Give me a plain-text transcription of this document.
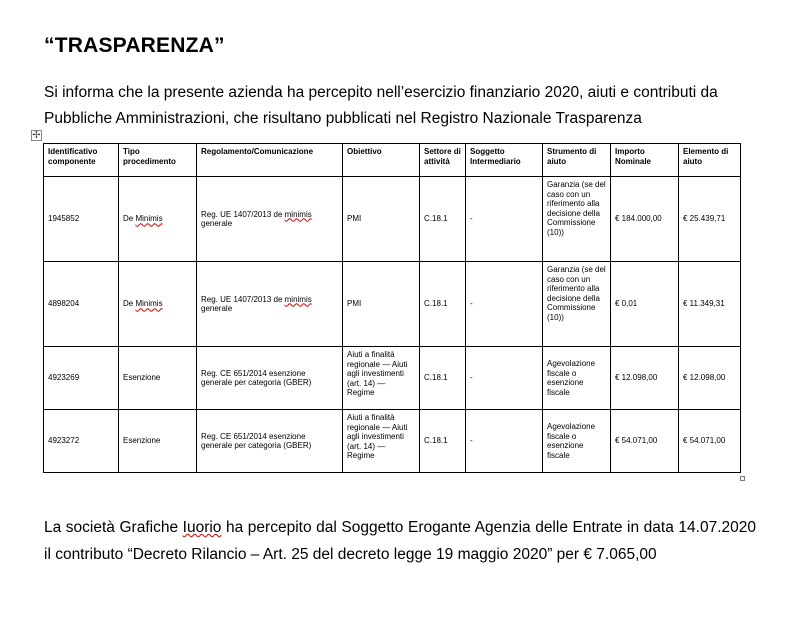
“TRASPARENZA”
Si informa che la presente azienda ha percepito nell’esercizio finanziario 2020, aiuti e contributi da Pubbliche Amministrazioni, che risultano pubblicati nel Registro Nazionale Trasparenza
✢
Identificativo componente	Tipo procedimento	Regolamento/Comunicazione	Obiettivo	Settore di attività	Soggetto Intermediario	Strumento di aiuto	Importo Nominale	Elemento di aiuto
1945852	De Minimis	Reg. UE 1407/2013 de minimis generale	PMI	C.18.1	-	Garanzia (se del caso con un riferimento alla decisione della Commissione (10))	€ 184.000,00	€ 25.439,71
4898204	De Minimis	Reg. UE 1407/2013 de minimis generale	PMI	C.18.1	-	Garanzia (se del caso con un riferimento alla decisione della Commissione (10))	€ 0,01	€ 11.349,31
4923269	Esenzione	Reg. CE 651/2014 esenzione generale per categoria (GBER)	Aiuti a finalità regionale — Aiuti agli investimenti (art. 14) — Regime	C.18.1	-	Agevolazione fiscale o esenzione fiscale	€ 12.098,00	€ 12.098,00
4923272	Esenzione	Reg. CE 651/2014 esenzione generale per categoria (GBER)	Aiuti a finalità regionale — Aiuti agli investimenti (art. 14) — Regime	C.18.1	-	Agevolazione fiscale o esenzione fiscale	€ 54.071,00	€ 54.071,00
La società Grafiche Iuorio ha percepito dal Soggetto Erogante Agenzia delle Entrate in data 14.07.2020 il contributo “Decreto Rilancio – Art. 25 del decreto legge 19 maggio 2020” per € 7.065,00
